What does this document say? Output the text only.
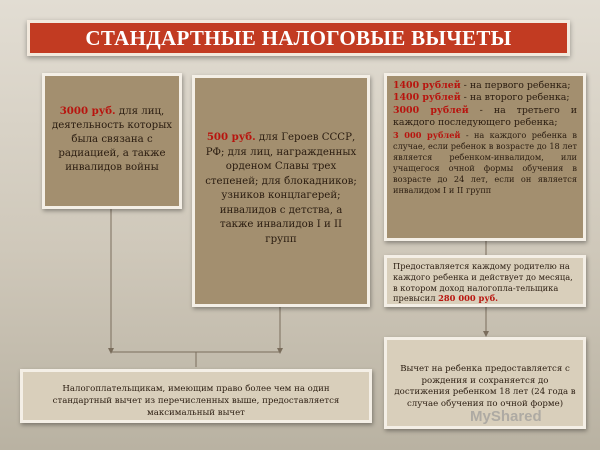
СТАНДАРТНЫЕ НАЛОГОВЫЕ ВЫЧЕТЫ
3000 руб. для лиц, деятельность которых была связана с радиацией, а также инвалидов войны
500 руб. для Героев СССР, РФ; для лиц, награжденных орденом Славы трех степеней; для блокадников; узников концлагерей; инвалидов с детства, а также инвалидов I и II групп
1400 рублей - на первого ребенка;
1400 рублей - на второго ребенка;
3000 рублей - на третьего и каждого последующего ребенка;
3 000 рублей - на каждого ребенка в случае, если ребенок в возрасте до 18 лет является ребенком-инвалидом, или учащегося очной формы обучения в возрасте до 24 лет, если он является инвалидом I и II групп
Предоставляется каждому родителю на каждого ребенка и действует до месяца, в котором доход налогопла-тельщика превысил 280 000 руб.
Вычет на ребенка предоставляется с рождения и сохраняется до достижения ребенком 18 лет (24 года в случае обучения по очной форме)
Налогоплательщикам, имеющим право более чем на один стандартный вычет из перечисленных выше, предоставляется максимальный вычет	MyShared
